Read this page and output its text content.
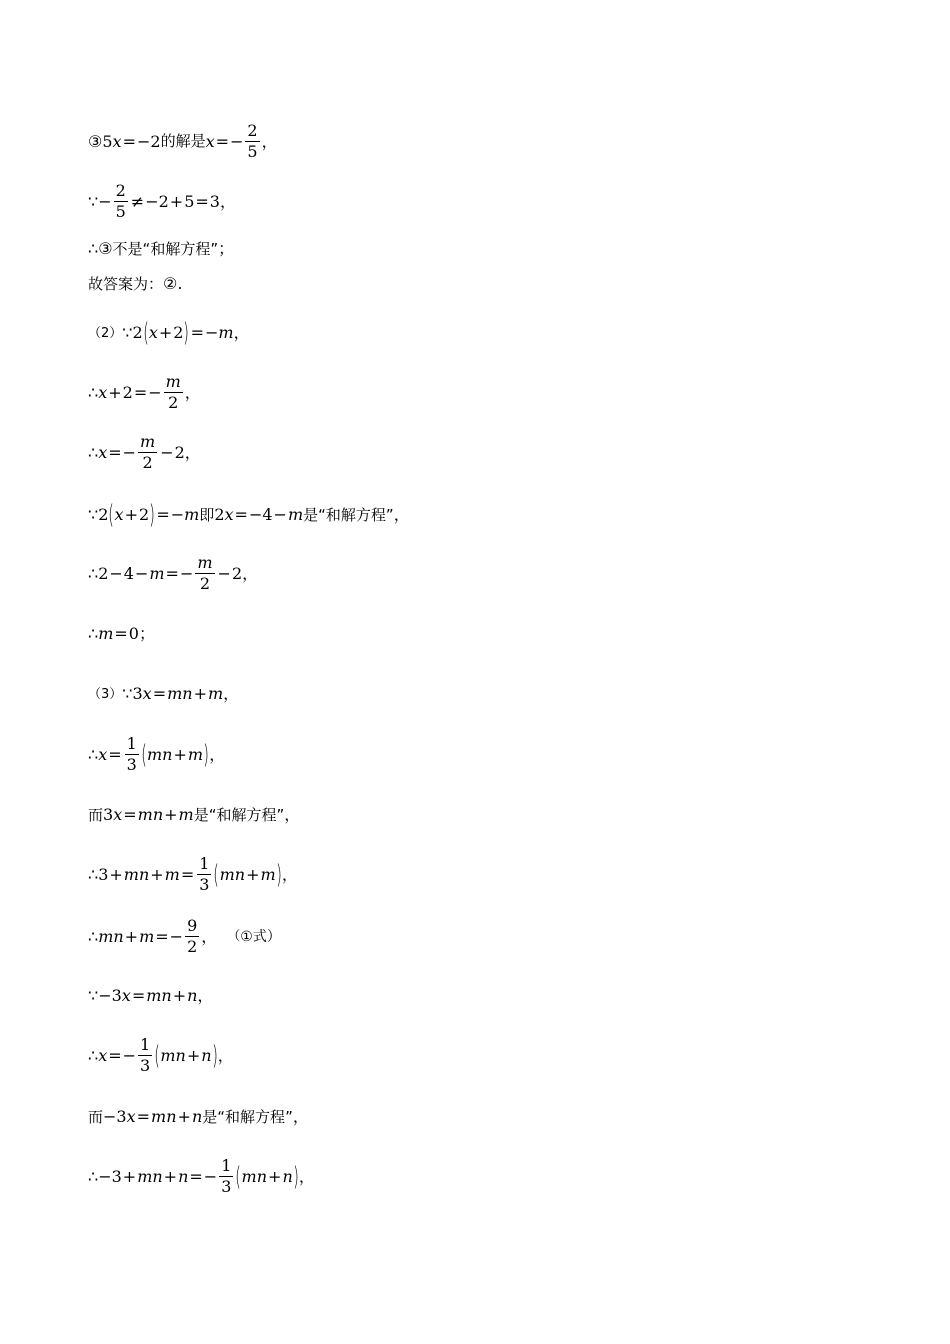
③ 5 x = − 2 的解是 x = − $\frac{2}{5}$ ，
∵ − $\frac{2}{5}$ ≠ − 2 + 5 = 3 ，
∴ ③ 不是 “ 和解方程 ” ；
故答案为： ② .
（2） ∵ 2 ( x + 2 ) = − m ，
∴ x + 2 = − $\frac{m}{2}$ ，
∴ x = − $\frac{m}{2} - 2$ ，
∵ 2 ( x + 2 ) = − m 即 2 x = − 4 − m 是 “ 和解方程 ” ，
∴ 2 − 4 − m = − $\frac{m}{2} - 2$ ，
∴ m = 0 ；
（3） ∵ 3 x = m n + m ，
∴ $x = \frac{1}{3}$ ( m n + m ) ，
而 3 x = m n + m 是 “ 和解方程 ” ，
∴ 3 + m $n + m = \frac{1}{3}$ ( m n + m ) ，
∴ m n + m = − $\frac{9}{2}$ ， （ ① 式）
∵ − 3 x = m n + n ，
∴ x = − $\frac{1}{3}$ ( m n + n ) ，
而 − 3 x = m n + n 是 “ 和解方程 ” ，
∴ − 3 + m n + n = − $\frac{1}{3}$ ( m n + n ) ，
